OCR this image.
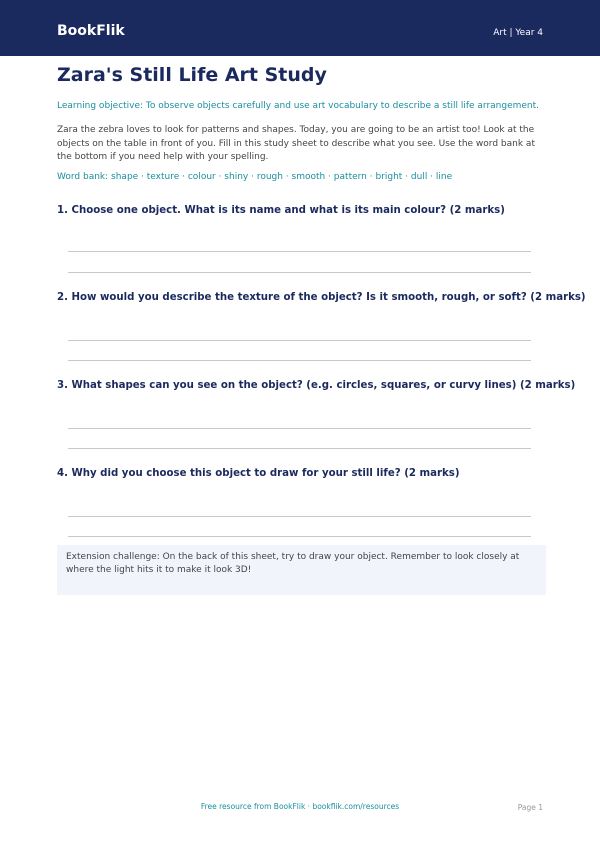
BookFlik	Art | Year 4
Zara's Still Life Art Study
Learning objective: To observe objects carefully and use art vocabulary to describe a still life arrangement.
Zara the zebra loves to look for patterns and shapes. Today, you are going to be an artist too! Look at the objects on the table in front of you. Fill in this study sheet to describe what you see. Use the word bank at the bottom if you need help with your spelling.
Word bank: shape · texture · colour · shiny · rough · smooth · pattern · bright · dull · line
1. Choose one object. What is its name and what is its main colour? (2 marks)
2. How would you describe the texture of the object? Is it smooth, rough, or soft? (2 marks)
3. What shapes can you see on the object? (e.g. circles, squares, or curvy lines) (2 marks)
4. Why did you choose this object to draw for your still life? (2 marks)
Extension challenge: On the back of this sheet, try to draw your object. Remember to look closely at where the light hits it to make it look 3D!
Free resource from BookFlik · bookflik.com/resources	Page 1
